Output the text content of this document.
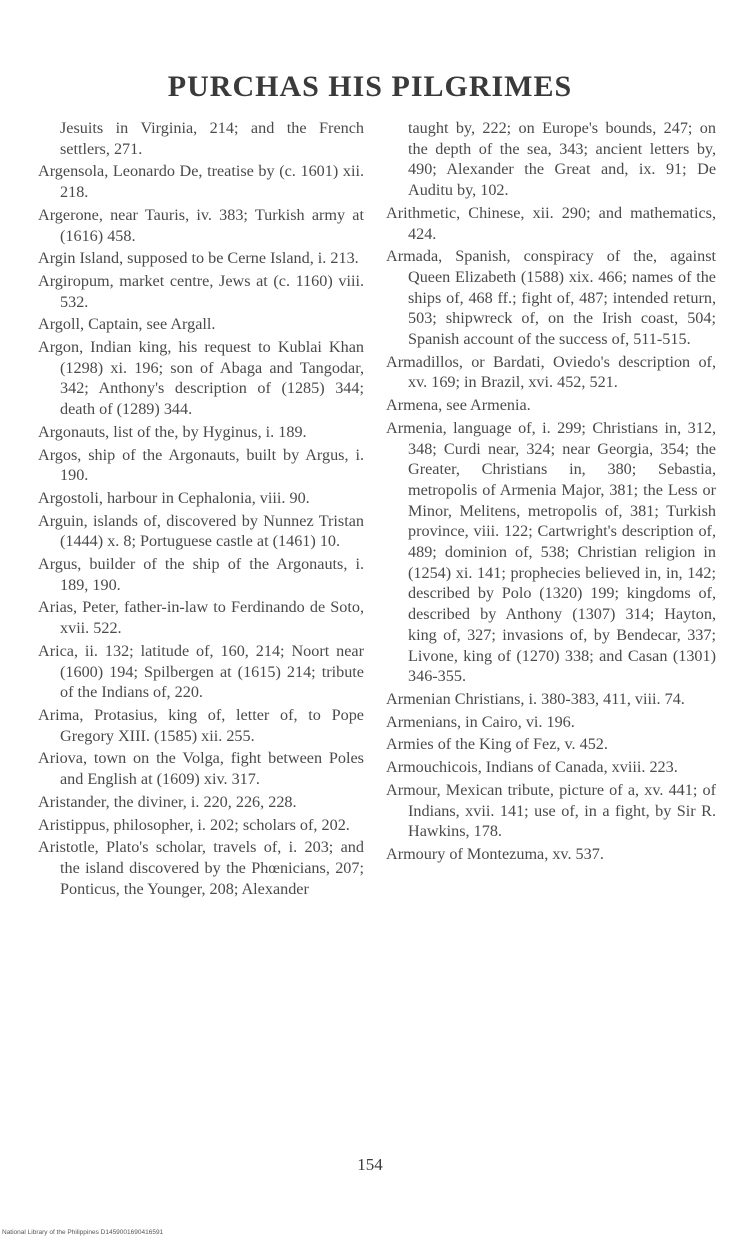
PURCHAS HIS PILGRIMES

Jesuits in Virginia, 214; and the French settlers, 271.

Argensola, Leonardo De, treatise by (c. 1601) xii. 218.

Argerone, near Tauris, iv. 383; Turkish army at (1616) 458.

Argin Island, supposed to be Cerne Island, i. 213.

Argiropum, market centre, Jews at (c. 1160) viii. 532.

Argoll, Captain, see Argall.

Argon, Indian king, his request to Kublai Khan (1298) xi. 196; son of Abaga and Tangodar, 342; Anthony's description of (1285) 344; death of (1289) 344.

Argonauts, list of the, by Hyginus, i. 189.

Argos, ship of the Argonauts, built by Argus, i. 190.

Argostoli, harbour in Cephalonia, viii. 90.

Arguin, islands of, discovered by Nunnez Tristan (1444) x. 8; Portuguese castle at (1461) 10.

Argus, builder of the ship of the Argonauts, i. 189, 190.

Arias, Peter, father-in-law to Ferdinando de Soto, xvii. 522.

Arica, ii. 132; latitude of, 160, 214; Noort near (1600) 194; Spilbergen at (1615) 214; tribute of the Indians of, 220.

Arima, Protasius, king of, letter of, to Pope Gregory XIII. (1585) xii. 255.

Ariova, town on the Volga, fight between Poles and English at (1609) xiv. 317.

Aristander, the diviner, i. 220, 226, 228.

Aristippus, philosopher, i. 202; scholars of, 202.

Aristotle, Plato's scholar, travels of, i. 203; and the island discovered by the Phœnicians, 207; Ponticus, the Younger, 208; Alexander

taught by, 222; on Europe's bounds, 247; on the depth of the sea, 343; ancient letters by, 490; Alexander the Great and, ix. 91; De Auditu by, 102.

Arithmetic, Chinese, xii. 290; and mathematics, 424.

Armada, Spanish, conspiracy of the, against Queen Elizabeth (1588) xix. 466; names of the ships of, 468 ff.; fight of, 487; intended return, 503; shipwreck of, on the Irish coast, 504; Spanish account of the success of, 511-515.

Armadillos, or Bardati, Oviedo's description of, xv. 169; in Brazil, xvi. 452, 521.

Armena, see Armenia.

Armenia, language of, i. 299; Christians in, 312, 348; Curdi near, 324; near Georgia, 354; the Greater, Christians in, 380; Sebastia, metropolis of Armenia Major, 381; the Less or Minor, Melitens, metropolis of, 381; Turkish province, viii. 122; Cartwright's description of, 489; dominion of, 538; Christian religion in (1254) xi. 141; prophecies believed in, in, 142; described by Polo (1320) 199; kingdoms of, described by Anthony (1307) 314; Hayton, king of, 327; invasions of, by Bendecar, 337; Livone, king of (1270) 338; and Casan (1301) 346-355.

Armenian Christians, i. 380-383, 411, viii. 74.

Armenians, in Cairo, vi. 196.

Armies of the King of Fez, v. 452.

Armouchicois, Indians of Canada, xviii. 223.

Armour, Mexican tribute, picture of a, xv. 441; of Indians, xvii. 141; use of, in a fight, by Sir R. Hawkins, 178.

Armoury of Montezuma, xv. 537.

154
National Library of the Philippines D1459001690416591
